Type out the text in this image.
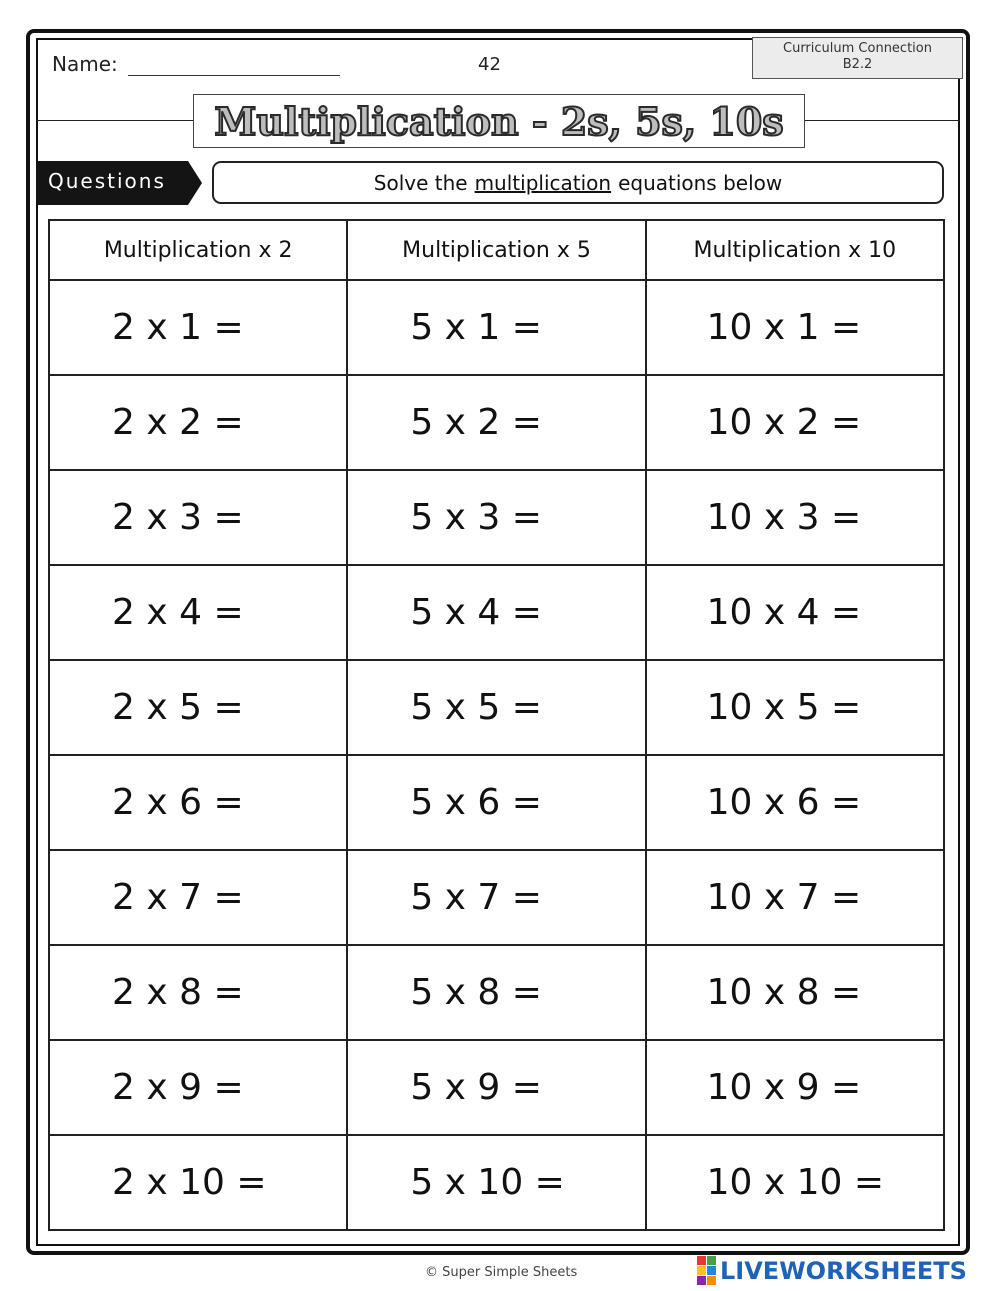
Name:	42
Curriculum Connection
B2.2
Multiplication - 2s, 5s, 10s
Questions	Solve the multiplication equations below
Multiplication x 2	Multiplication x 5	Multiplication x 10
2 x 1 =	5 x 1 =	10 x 1 =
2 x 2 =	5 x 2 =	10 x 2 =
2 x 3 =	5 x 3 =	10 x 3 =
2 x 4 =	5 x 4 =	10 x 4 =
2 x 5 =	5 x 5 =	10 x 5 =
2 x 6 =	5 x 6 =	10 x 6 =
2 x 7 =	5 x 7 =	10 x 7 =
2 x 8 =	5 x 8 =	10 x 8 =
2 x 9 =	5 x 9 =	10 x 9 =
2 x 10 =	5 x 10 =	10 x 10 =
© Super Simple Sheets	LIVEWORKSHEETS
